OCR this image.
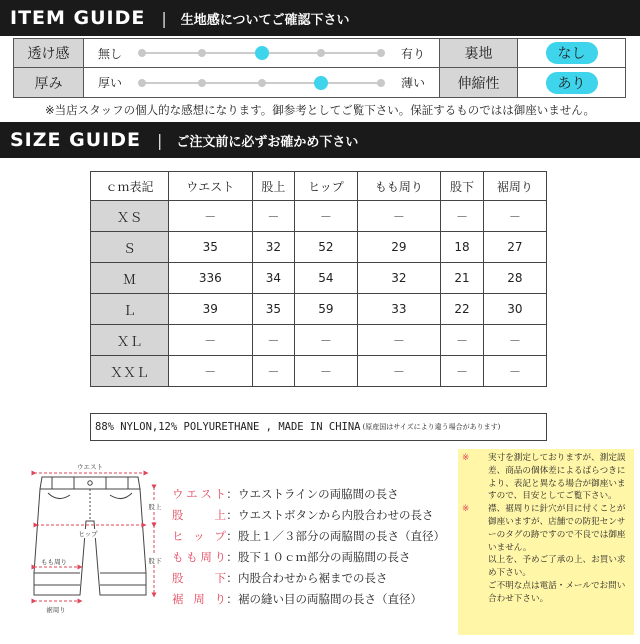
ITEM GUIDE | 生地感についてご確認下さい
透け感	無し	有り	裏地	なし
厚み	厚い	薄い	伸縮性	あり
※当店スタッフの個人的な感想になります。御参考としてご覧下さい。保証するものではは御座いません。
SIZE GUIDE | ご注文前に必ずお確かめ下さい
ｃｍ表記	ウエスト	股上	ヒップ	もも周り	股下	裾周り
ＸＳ	－	－	－	－	－	－
Ｓ	35	32	52	29	18	27
Ｍ	336	34	54	32	21	28
Ｌ	39	35	59	33	22	30
ＸＬ	－	－	－	－	－	－
ＸＸＬ	－	－	－	－	－	－
88% NYLON,12% POLYURETHANE , MADE IN CHINA (原産国はサイズにより違う場合があります)
ウエスト
ヒップ
股上
もも周り	股下
裾周り
ウエスト ： ウエストラインの両脇間の長さ
股上 ： ウエストボタンから内股合わせの長さ
ヒップ ： 股上１／３部分の両脇間の長さ（直径）
もも周り ： 股下１０ｃｍ部分の両脇間の長さ
股下 ： 内股合わせから裾までの長さ
裾周り ： 裾の縫い目の両脇間の長さ（直径）
※	実寸を測定しておりますが、測定誤差、商品の個体差によるばらつきにより、表記と異なる場合が御座いますので、目安としてご覧下さい。
※	襟、裾周りに針穴が目に付くことが御座いますが、店舗での防犯センサーのタグの跡ですので不良では御座いません。
以上を、予めご了承の上、お買い求め下さい。
ご不明な点は電話・メールでお問い合わせ下さい。
